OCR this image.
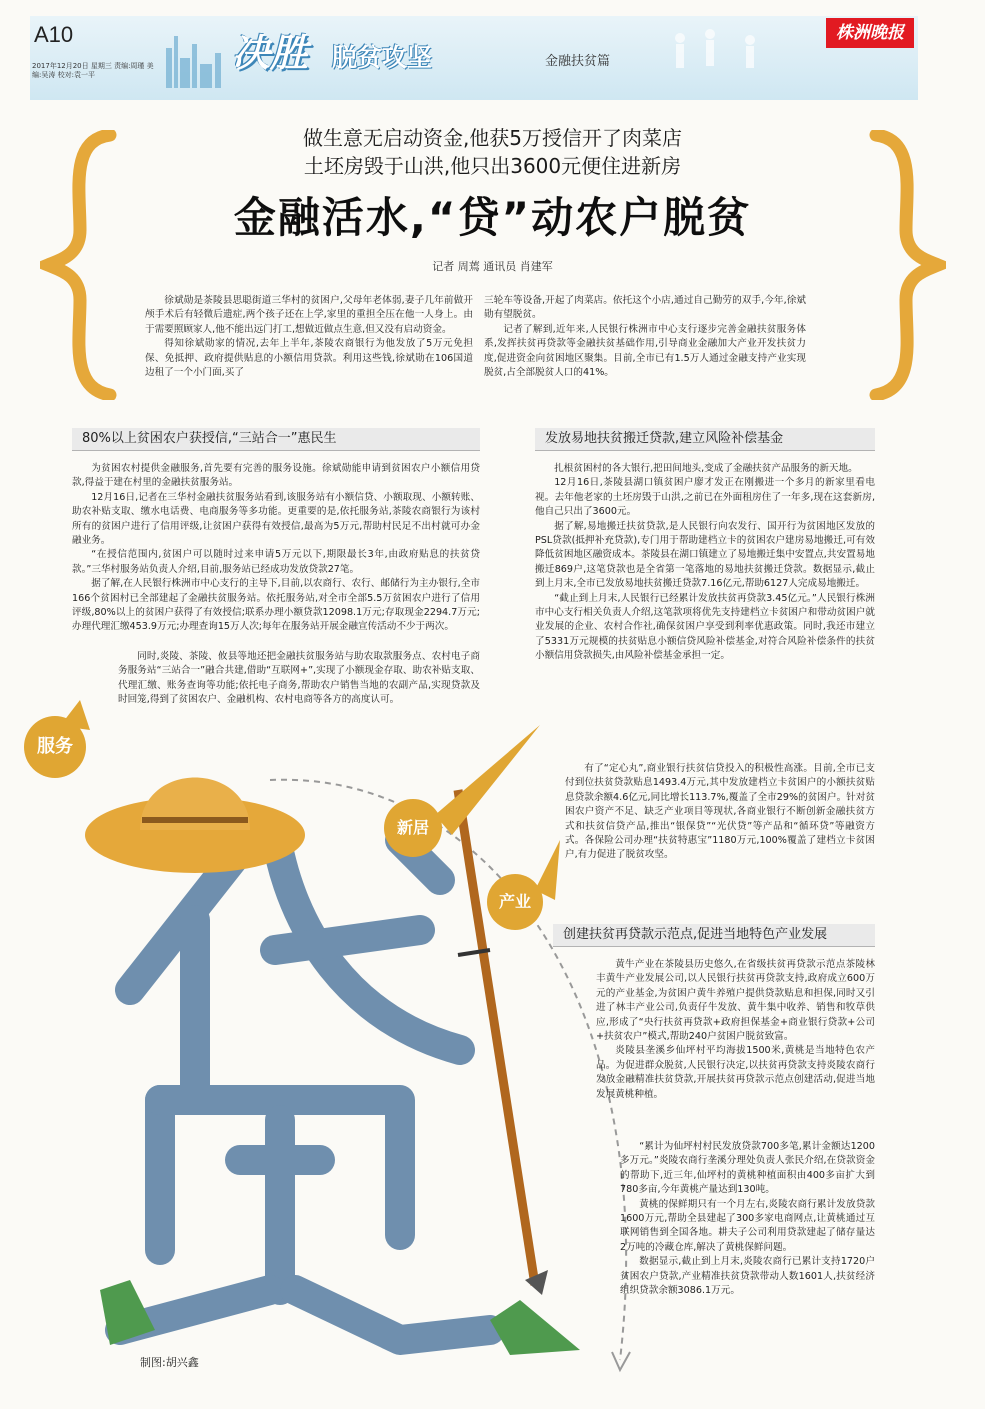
A10
2017年12月20日 星期三 责编:周瑾 美编:吴涛 校对:袁一平	决胜 脱贫攻坚	金融扶贫篇
株洲晚报
做生意无启动资金,他获5万授信开了肉菜店
土坯房毁于山洪,他只出3600元便住进新房
金融活水,“贷”动农户脱贫
记者 周蔫 通讯员 肖建军

徐斌勋是茶陵县思聪街道三华村的贫困户,父母年老体弱,妻子几年前做开颅手术后有轻微后遗症,两个孩子还在上学,家里的重担全压在他一人身上。由于需要照顾家人,他不能出远门打工,想做近做点生意,但又没有启动资金。

得知徐斌勋家的情况,去年上半年,茶陵农商银行为他发放了5万元免担保、免抵押、政府提供贴息的小额信用贷款。利用这些钱,徐斌勋在106国道边租了一个小门面,买了

三轮车等设备,开起了肉菜店。依托这个小店,通过自己勤劳的双手,今年,徐斌勋有望脱贫。

记者了解到,近年来,人民银行株洲市中心支行逐步完善金融扶贫服务体系,发挥扶贫再贷款等金融扶贫基础作用,引导商业金融加大产业开发扶贫力度,促进资金向贫困地区聚集。目前,全市已有1.5万人通过金融支持产业实现脱贫,占全部脱贫人口的41%。

服务
新居
产业
制图:胡兴鑫
80%以上贫困农户获授信,“三站合一”惠民生

为贫困农村提供金融服务,首先要有完善的服务设施。徐斌勋能申请到贫困农户小额信用贷款,得益于建在村里的金融扶贫服务站。

12月16日,记者在三华村金融扶贫服务站看到,该服务站有小额信贷、小额取现、小额转账、助农补贴支取、缴水电话费、电商服务等多功能。更重要的是,依托服务站,茶陵农商银行为该村所有的贫困户进行了信用评级,让贫困户获得有效授信,最高为5万元,帮助村民足不出村就可办金融业务。

“在授信范围内,贫困户可以随时过来申请5万元以下,期限最长3年,由政府贴息的扶贫贷款。”三华村服务站负责人介绍,目前,服务站已经成功发放贷款27笔。

据了解,在人民银行株洲市中心支行的主导下,目前,以农商行、农行、邮储行为主办银行,全市166个贫困村已全部建起了金融扶贫服务站。依托服务站,对全市全部5.5万贫困农户进行了信用评级,80%以上的贫困户获得了有效授信;联系办理小额贷款12098.1万元;存取现金2294.7万元;办理代理汇缴453.9万元;办理查询15万人次;每年在服务站开展金融宣传活动不少于两次。

同时,炎陵、茶陵、攸县等地还把金融扶贫服务站与助农取款服务点、农村电子商务服务站“三站合一”融合共建,借助“互联网+”,实现了小额现金存取、助农补贴支取、代理汇缴、账务查询等功能;依托电子商务,帮助农户销售当地的农副产品,实现贷款及时回笼,得到了贫困农户、金融机构、农村电商等各方的高度认可。

发放易地扶贫搬迁贷款,建立风险补偿基金

扎根贫困村的各大银行,把田间地头,变成了金融扶贫产品服务的新天地。

12月16日,茶陵县湖口镇贫困户廖才发正在刚搬进一个多月的新家里看电视。去年他老家的土坯房毁于山洪,之前已在外面租房住了一年多,现在这套新房,他自己只出了3600元。

据了解,易地搬迁扶贫贷款,是人民银行向农发行、国开行为贫困地区发放的PSL贷款(抵押补充贷款),专门用于帮助建档立卡的贫困农户建房易地搬迁,可有效降低贫困地区融资成本。茶陵县在湖口镇建立了易地搬迁集中安置点,共安置易地搬迁869户,这笔贷款也是全省第一笔落地的易地扶贫搬迁贷款。数据显示,截止到上月末,全市已发放易地扶贫搬迁贷款7.16亿元,帮助6127人完成易地搬迁。

“截止到上月末,人民银行已经累计发放扶贫再贷款3.45亿元。”人民银行株洲市中心支行相关负责人介绍,这笔款项将优先支持建档立卡贫困户和带动贫困户就业发展的企业、农村合作社,确保贫困户享受到利率优惠政策。同时,我还市建立了5331万元规模的扶贫贴息小额信贷风险补偿基金,对符合风险补偿条件的扶贫小额信用贷款损失,由风险补偿基金承担一定。

有了“定心丸”,商业银行扶贫信贷投入的积极性高涨。目前,全市已支付到位扶贫贷款贴息1493.4万元,其中发放建档立卡贫困户的小额扶贫贴息贷款余额4.6亿元,同比增长113.7%,覆盖了全市29%的贫困户。针对贫困农户资产不足、缺乏产业项目等现状,各商业银行不断创新金融扶贫方式和扶贫信贷产品,推出“银保贷”“光伏贷”等产品和“循环贷”等融资方式。各保险公司办理“扶贫特惠宝”1180万元,100%覆盖了建档立卡贫困户,有力促进了脱贫攻坚。

创建扶贫再贷款示范点,促进当地特色产业发展

黄牛产业在茶陵县历史悠久,在省级扶贫再贷款示范点茶陵林丰黄牛产业发展公司,以人民银行扶贫再贷款支持,政府成立600万元的产业基金,为贫困户黄牛养殖户提供贷款贴息和担保,同时又引进了林丰产业公司,负责仔牛发放、黄牛集中收养、销售和牧草供应,形成了“央行扶贫再贷款+政府担保基金+商业银行贷款+公司+扶贫农户”模式,帮助240户贫困户脱贫致富。

炎陵县垄溪乡仙坪村平均海拔1500米,黄桃是当地特色农产品。为促进群众脱贫,人民银行决定,以扶贫再贷款支持炎陵农商行发放金融精准扶贫贷款,开展扶贫再贷款示范点创建活动,促进当地发展黄桃种植。

“累计为仙坪村村民发放贷款700多笔,累计金额达1200多万元。”炎陵农商行垄溪分理处负责人张民介绍,在贷款资金的帮助下,近三年,仙坪村的黄桃种植面积由400多亩扩大到780多亩,今年黄桃产量达到130吨。

黄桃的保鲜期只有一个月左右,炎陵农商行累计发放贷款1600万元,帮助全县建起了300多家电商网点,让黄桃通过互联网销售到全国各地。耕夫子公司利用贷款建起了储存量达2万吨的冷藏仓库,解决了黄桃保鲜问题。

数据显示,截止到上月末,炎陵农商行已累计支持1720户贫困农户贷款,产业精准扶贫贷款带动人数1601人,扶贫经济组织贷款余额3086.1万元。
